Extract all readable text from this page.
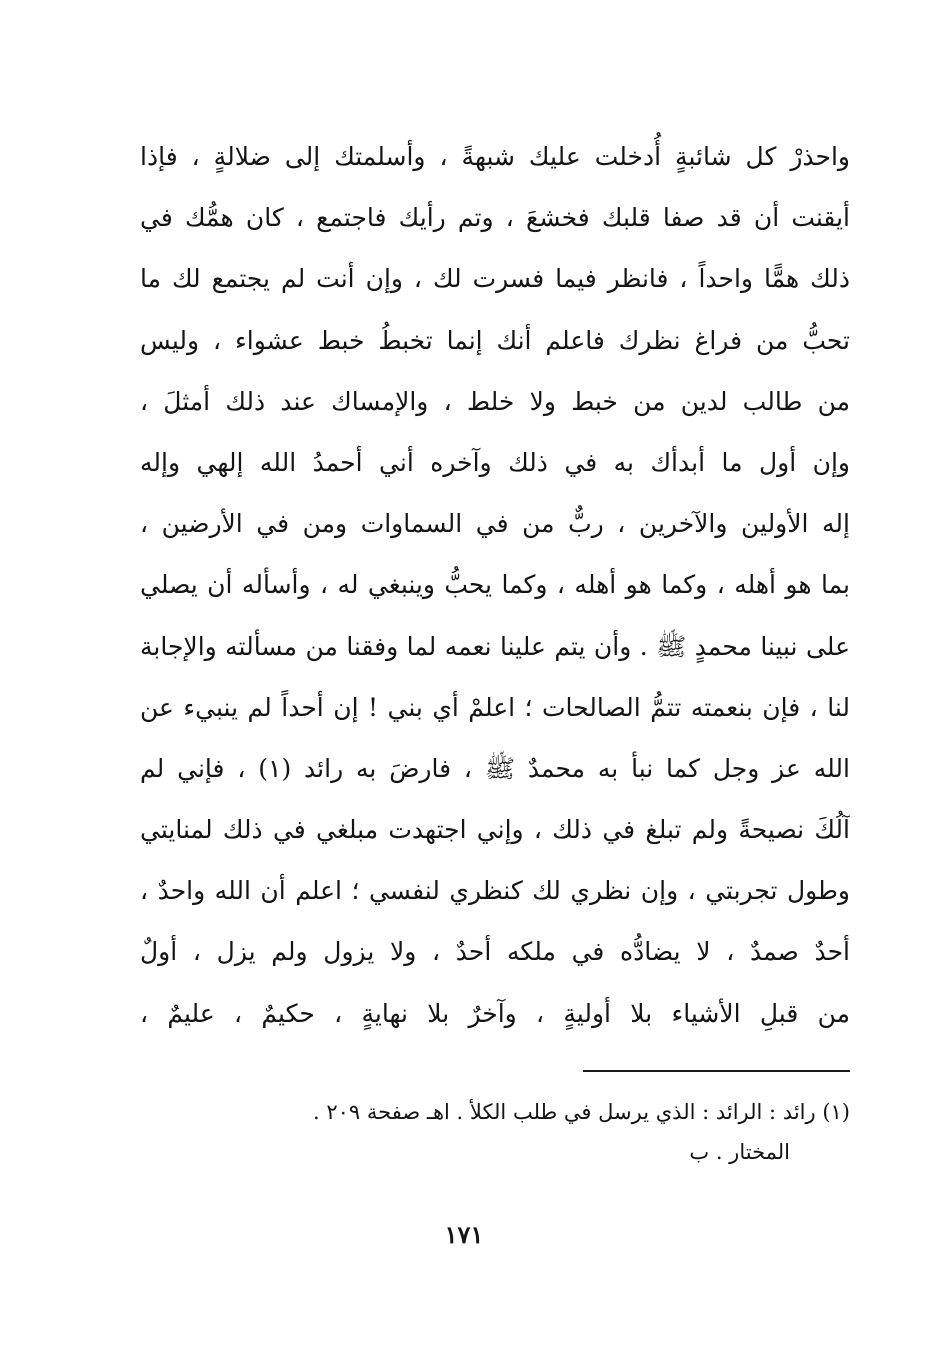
واحذرْ كل شائبةٍ أُدخلت عليك شبهةً ، وأسلمتك إلى ضلالةٍ ، فإذا
أيقنت أن قد صفا قلبك فخشعَ ، وتم رأيك فاجتمع ، كان همُّك في
ذلك همًّا واحداً ، فانظر فيما فسرت لك ، وإن أنت لم يجتمع لك ما
تحبُّ من فراغ نظرك فاعلم أنك إنما تخبطُ خبط عشواء ، وليس
من طالب لدين من خبط ولا خلط ، والإمساك عند ذلك أمثلَ ،
وإن أول ما أبدأك به في ذلك وآخره أني أحمدُ الله إلهي وإله
إله الأولين والآخرين ، ربٌّ من في السماوات ومن في الأرضين ،
بما هو أهله ، وكما هو أهله ، وكما يحبُّ وينبغي له ، وأسأله أن يصلي
على نبينا محمدٍ ﷺ . وأن يتم علينا نعمه لما وفقنا من مسألته والإجابة
لنا ، فإن بنعمته تتمُّ الصالحات ؛ اعلمْ أي بني ! إن أحداً لم ينبيء عن
الله عز وجل كما نبأ به محمدٌ ﷺ ، فارضَ به رائد (١) ، فإني لم
آلُكَ نصيحةً ولم تبلغ في ذلك ، وإني اجتهدت مبلغي في ذلك لمنايتي
وطول تجربتي ، وإن نظري لك كنظري لنفسي ؛ اعلم أن الله واحدٌ ،
أحدٌ صمدٌ ، لا يضادُّه في ملكه أحدٌ ، ولا يزول ولم يزل ، أولٌ
من قبلِ الأشياء بلا أوليةٍ ، وآخرٌ بلا نهايةٍ ، حكيمٌ ، عليمٌ ،
(١) رائد : الرائد : الذي يرسل في طلب الكلأ . اهـ صفحة ٢٠٩ .
المختار . ب
١٧١
